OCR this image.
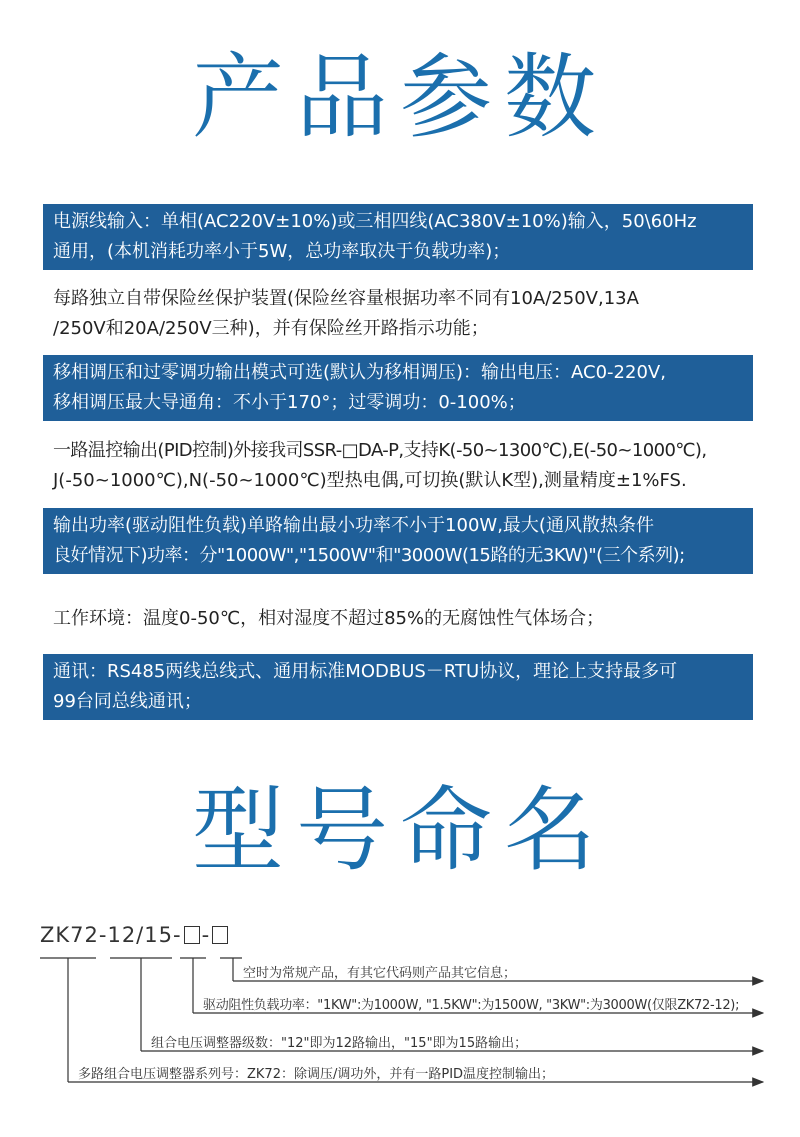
产品参数
电源线输入：单相(AC220V±10%)或三相四线(AC380V±10%)输入，50\60Hz
通用，(本机消耗功率小于5W，总功率取决于负载功率)；
每路独立自带保险丝保护装置(保险丝容量根据功率不同有10A/250V,13A
/250V和20A/250V三种)，并有保险丝开路指示功能；
移相调压和过零调功输出模式可选(默认为移相调压)：输出电压：AC0-220V,
移相调压最大导通角：不小于170°；过零调功：0-100%；
一路温控输出(PID控制)外接我司SSR-□DA-P,支持K(-50~1300℃),E(-50~1000℃),
J(-50~1000℃),N(-50~1000℃)型热电偶,可切换(默认K型),测量精度±1%FS.
输出功率(驱动阻性负载)单路输出最小功率不小于100W,最大(通风散热条件
良好情况下)功率：分"1000W","1500W"和"3000W(15路的无3KW)"(三个系列);
工作环境：温度0-50℃，相对湿度不超过85%的无腐蚀性气体场合；
通讯：RS485两线总线式、通用标准MODBUS－RTU协议，理论上支持最多可
99台同总线通讯；
型号命名
ZK72-12/15- -
空时为常规产品，有其它代码则产品其它信息；
驱动阻性负载功率："1KW":为1000W, "1.5KW":为1500W, "3KW":为3000W(仅限ZK72-12);
组合电压调整器级数："12"即为12路输出，"15"即为15路输出；
多路组合电压调整器系列号：ZK72：除调压/调功外，并有一路PID温度控制输出；
